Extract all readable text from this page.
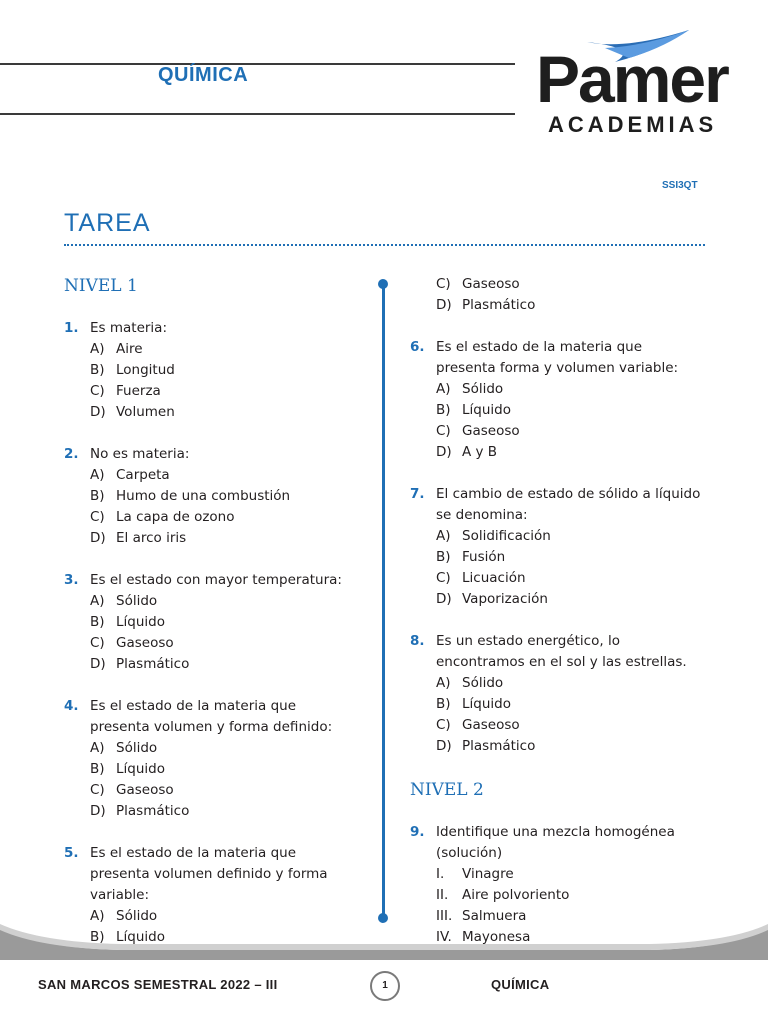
QUÍMICA	Pamer
ACADEMIAS
SSI3QT
TAREA
NIVEL 1
1. Es materia:
A) Aire
B) Longitud
C) Fuerza
D) Volumen
2. No es materia:
A) Carpeta
B) Humo de una combustión
C) La capa de ozono
D) El arco iris
3. Es el estado con mayor temperatura:
A) Sólido
B) Líquido
C) Gaseoso
D) Plasmático
4. Es el estado de la materia que presenta volumen y forma definido:
A) Sólido
B) Líquido
C) Gaseoso
D) Plasmático
5. Es el estado de la materia que presenta volumen definido y forma variable:
A) Sólido
B) Líquido
C) Gaseoso
D) Plasmático
6. Es el estado de la materia que presenta forma y volumen variable:
A) Sólido
B) Líquido
C) Gaseoso
D) A y B
7. El cambio de estado de sólido a líquido se denomina:
A) Solidificación
B) Fusión
C) Licuación
D) Vaporización
8. Es un estado energético, lo encontramos en el sol y las estrellas.
A) Sólido
B) Líquido
C) Gaseoso
D) Plasmático
NIVEL 2
9. Identifique una mezcla homogénea (solución)
I. Vinagre
II. Aire polvoriento
III. Salmuera
IV. Mayonesa
SAN MARCOS SEMESTRAL 2022 – III	1	QUÍMICA
